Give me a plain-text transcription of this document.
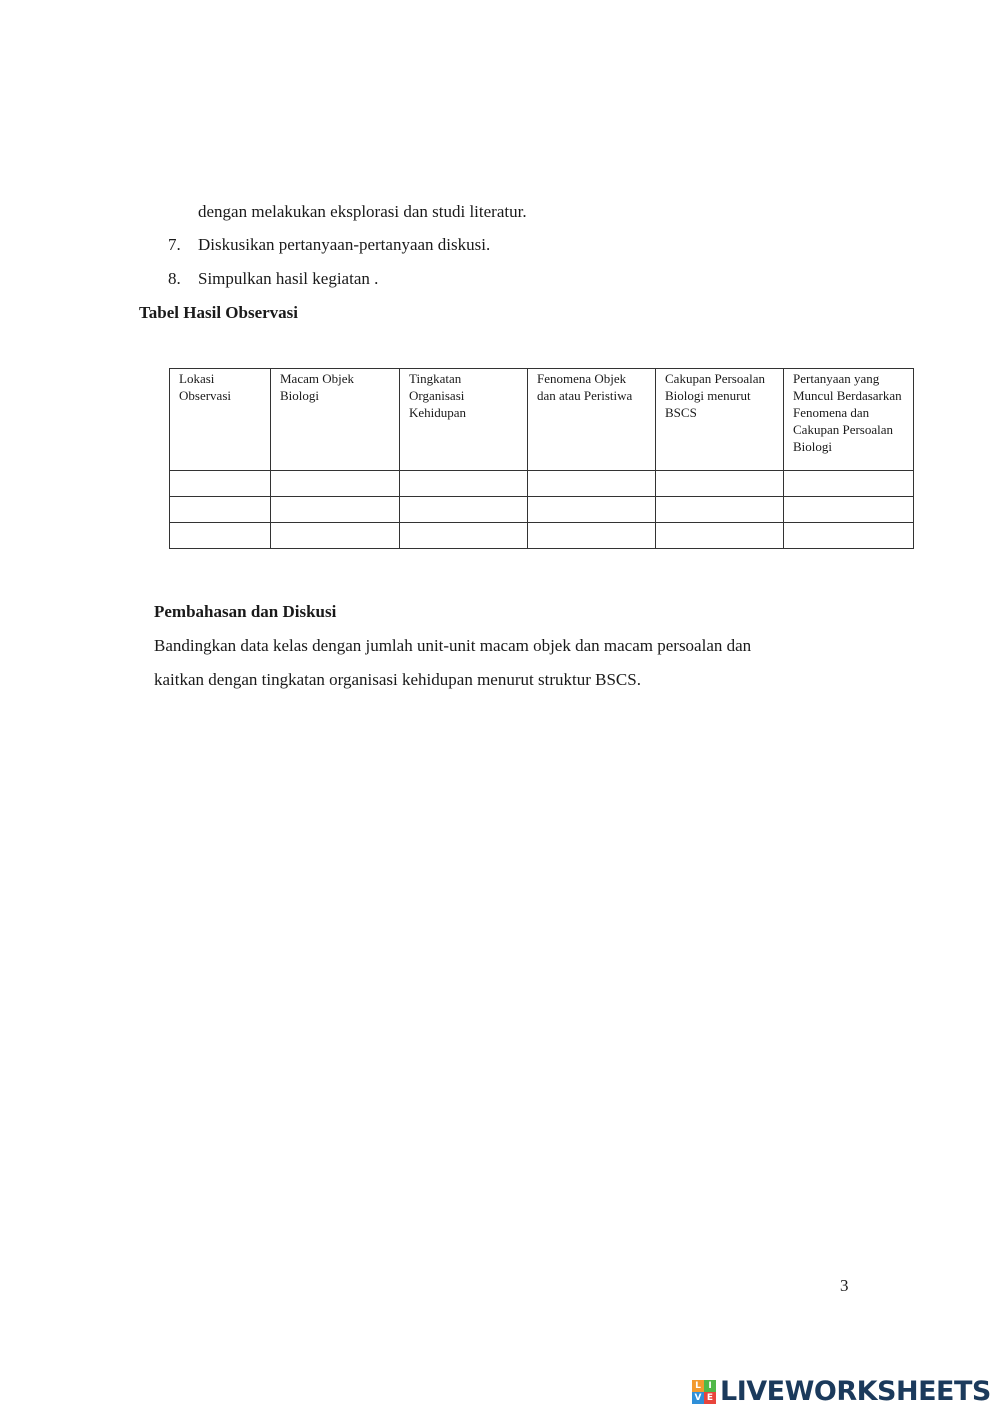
dengan melakukan eksplorasi dan studi literatur.
7. Diskusikan pertanyaan-pertanyaan diskusi.
8. Simpulkan hasil kegiatan .
Tabel Hasil Observasi
Lokasi Observasi	Macam Objek Biologi	Tingkatan Organisasi Kehidupan	Fenomena Objek dan atau Peristiwa	Cakupan Persoalan Biologi menurut BSCS	Pertanyaan yang Muncul Berdasarkan Fenomena dan Cakupan Persoalan Biologi

Pembahasan dan Diskusi
Bandingkan data kelas dengan jumlah unit-unit macam objek dan macam persoalan dan
kaitkan dengan tingkatan organisasi kehidupan menurut struktur BSCS.
3
L I
V E LIVEWORKSHEETS
